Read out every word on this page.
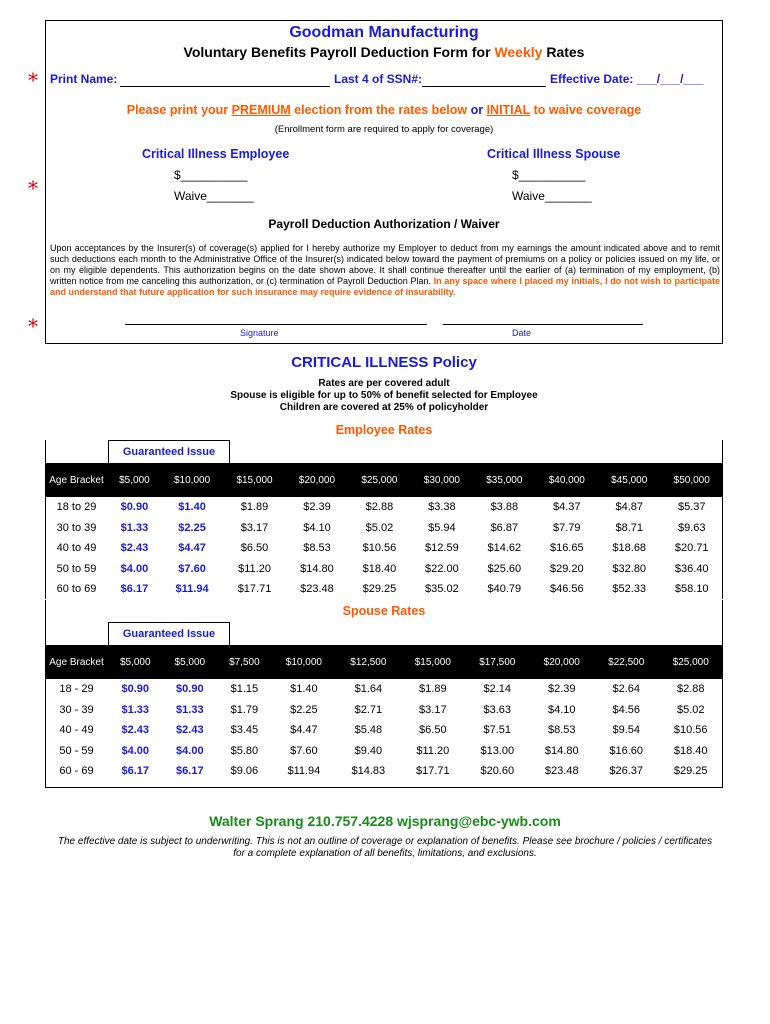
Goodman Manufacturing
Voluntary Benefits Payroll Deduction Form for Weekly Rates
* Print Name:	Last 4 of SSN#:	Effective Date: ___/___/___
Please print your PREMIUM election from the rates below or INITIAL to waive coverage
(Enrollment form are required to apply for coverage)
Critical Illness Employee	Critical Illness Spouse
*
$__________	$__________
Waive_______	Waive_______
Payroll Deduction Authorization / Waiver
Upon acceptances by the Insurer(s) of coverage(s) applied for I hereby authorize my Employer to deduct from my earnings the amount indicated above and to remit such deductions each month to the Administrative Office of the Insurer(s) indicated below toward the payment of premiums on a policy or policies issued on my life, or on my eligible dependents. This authorization begins on the date shown above. It shall continue thereafter until the earlier of (a) termination of my employment, (b) written notice from me canceling this authorization, or (c) termination of Payroll Deduction Plan. In any space where I placed my initials, I do not wish to participate and understand that future application for such insurance may require evidence of insurability.
*	Signature	Date
CRITICAL ILLNESS Policy
Rates are per covered adult
Spouse is eligible for up to 50% of benefit selected for Employee
Children are covered at 25% of policyholder
Employee Rates
Guaranteed Issue
Age Bracket	$5,000	$10,000	$15,000	$20,000	$25,000	$30,000	$35,000	$40,000	$45,000	$50,000
18 to 29	$0.90	$1.40	$1.89	$2.39	$2.88	$3.38	$3.88	$4.37	$4.87	$5.37
30 to 39	$1.33	$2.25	$3.17	$4.10	$5.02	$5.94	$6.87	$7.79	$8.71	$9.63
40 to 49	$2.43	$4.47	$6.50	$8.53	$10.56	$12.59	$14.62	$16.65	$18.68	$20.71
50 to 59	$4.00	$7.60	$11.20	$14.80	$18.40	$22.00	$25.60	$29.20	$32.80	$36.40
60 to 69	$6.17	$11.94	$17.71	$23.48	$29.25	$35.02	$40.79	$46.56	$52.33	$58.10
Spouse Rates
Guaranteed Issue
Age Bracket	$5,000	$5,000	$7,500	$10,000	$12,500	$15,000	$17,500	$20,000	$22,500	$25,000
18 - 29	$0.90	$0.90	$1.15	$1.40	$1.64	$1.89	$2.14	$2.39	$2.64	$2.88
30 - 39	$1.33	$1.33	$1.79	$2.25	$2.71	$3.17	$3.63	$4.10	$4.56	$5.02
40 - 49	$2.43	$2.43	$3.45	$4.47	$5.48	$6.50	$7.51	$8.53	$9.54	$10.56
50 - 59	$4.00	$4.00	$5.80	$7.60	$9.40	$11.20	$13.00	$14.80	$16.60	$18.40
60 - 69	$6.17	$6.17	$9.06	$11.94	$14.83	$17.71	$20.60	$23.48	$26.37	$29.25
Walter Sprang 210.757.4228 wjsprang@ebc-ywb.com
The effective date is subject to underwriting. This is not an outline of coverage or explanation of benefits. Please see brochure / policies / certificates
for a complete explanation of all benefits, limitations, and exclusions.
